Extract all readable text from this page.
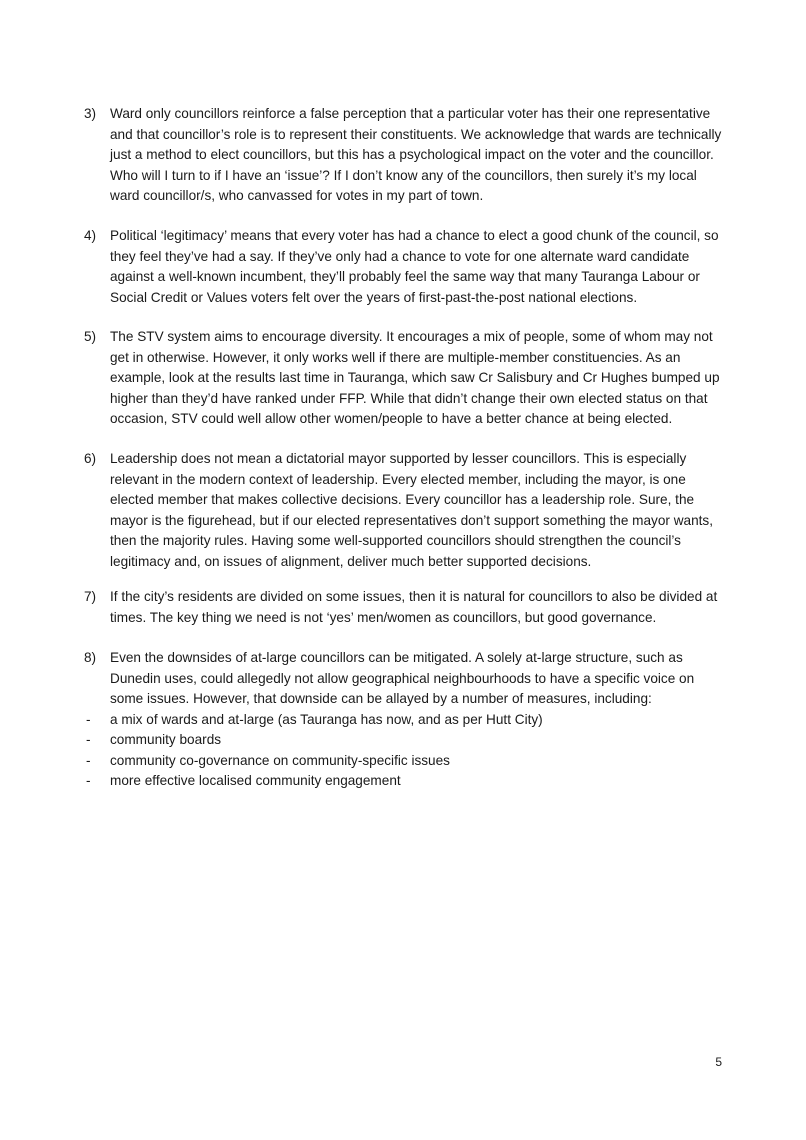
3) Ward only councillors reinforce a false perception that a particular voter has their one representative and that councillor’s role is to represent their constituents. We acknowledge that wards are technically just a method to elect councillors, but this has a psychological impact on the voter and the councillor. Who will I turn to if I have an ‘issue’? If I don’t know any of the councillors, then surely it’s my local ward councillor/s, who canvassed for votes in my part of town.
4) Political ‘legitimacy’ means that every voter has had a chance to elect a good chunk of the council, so they feel they’ve had a say. If they’ve only had a chance to vote for one alternate ward candidate against a well-known incumbent, they’ll probably feel the same way that many Tauranga Labour or Social Credit or Values voters felt over the years of first-past-the-post national elections.
5) The STV system aims to encourage diversity. It encourages a mix of people, some of whom may not get in otherwise. However, it only works well if there are multiple-member constituencies. As an example, look at the results last time in Tauranga, which saw Cr Salisbury and Cr Hughes bumped up higher than they’d have ranked under FFP. While that didn’t change their own elected status on that occasion, STV could well allow other women/people to have a better chance at being elected.
6) Leadership does not mean a dictatorial mayor supported by lesser councillors. This is especially relevant in the modern context of leadership. Every elected member, including the mayor, is one elected member that makes collective decisions. Every councillor has a leadership role. Sure, the mayor is the figurehead, but if our elected representatives don’t support something the mayor wants, then the majority rules. Having some well-supported councillors should strengthen the council’s legitimacy and, on issues of alignment, deliver much better supported decisions.
7) If the city’s residents are divided on some issues, then it is natural for councillors to also be divided at times. The key thing we need is not ‘yes’ men/women as councillors, but good governance.
8) Even the downsides of at-large councillors can be mitigated. A solely at-large structure, such as Dunedin uses, could allegedly not allow geographical neighbourhoods to have a specific voice on some issues. However, that downside can be allayed by a number of measures, including:
- a mix of wards and at-large (as Tauranga has now, and as per Hutt City)
- community boards
- community co-governance on community-specific issues
- more effective localised community engagement
5
